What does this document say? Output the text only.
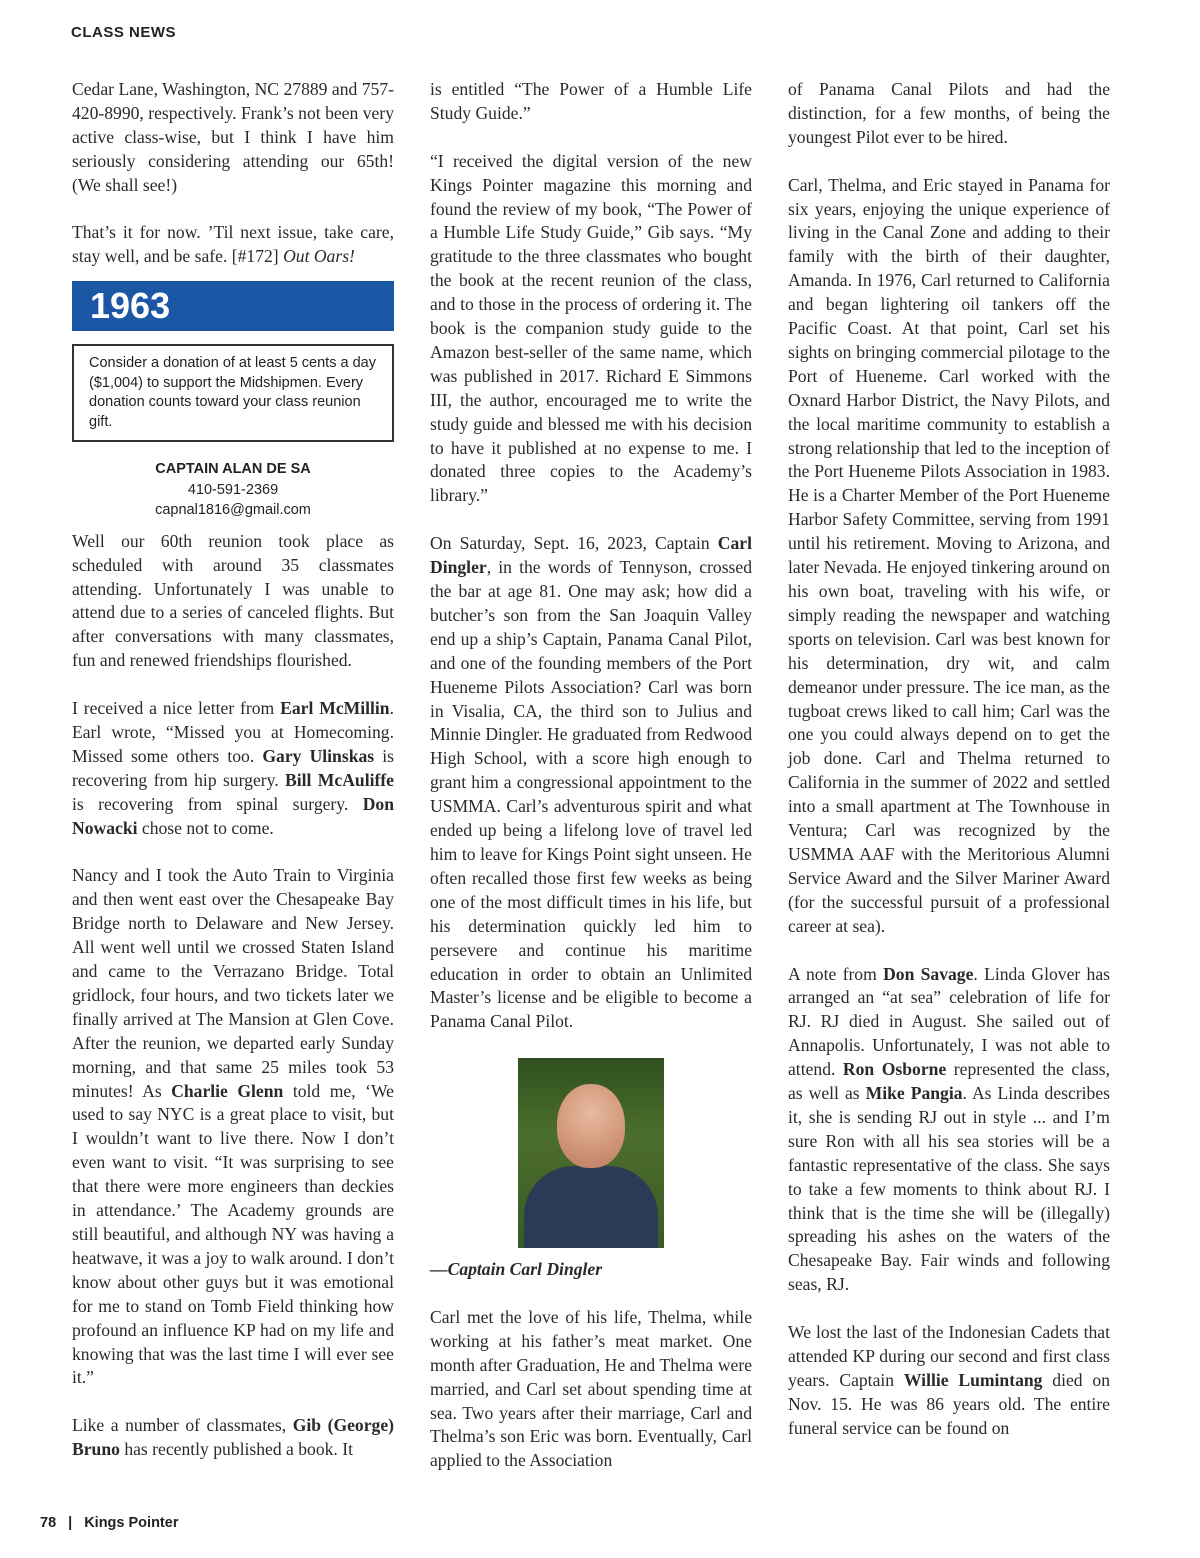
CLASS NEWS

Cedar Lane, Washington, NC 27889 and 757-420-8990, respectively. Frank’s not been very active class-wise, but I think I have him seriously considering attending our 65th! (We shall see!)

That’s it for now. ’Til next issue, take care, stay well, and be safe. [#172] Out Oars!

1963
Consider a donation of at least 5 cents a day ($1,004) to support the Midshipmen. Every donation counts toward your class reunion gift.
CAPTAIN ALAN DE SA
410-591-2369
capnal1816@gmail.com

Well our 60th reunion took place as scheduled with around 35 classmates attending. Unfortunately I was unable to attend due to a series of canceled flights. But after conversations with many classmates, fun and renewed friendships flourished.

I received a nice letter from Earl McMillin. Earl wrote, “Missed you at Homecoming. Missed some others too. Gary Ulinskas is recovering from hip surgery. Bill McAuliffe is recovering from spinal surgery. Don Nowacki chose not to come.

Nancy and I took the Auto Train to Virginia and then went east over the Chesapeake Bay Bridge north to Delaware and New Jersey. All went well until we crossed Staten Island and came to the Verrazano Bridge. Total gridlock, four hours, and two tickets later we finally arrived at The Mansion at Glen Cove. After the reunion, we departed early Sunday morning, and that same 25 miles took 53 minutes! As Charlie Glenn told me, ‘We used to say NYC is a great place to visit, but I wouldn’t want to live there. Now I don’t even want to visit. “It was surprising to see that there were more engineers than deckies in attendance.’ The Academy grounds are still beautiful, and although NY was having a heatwave, it was a joy to walk around. I don’t know about other guys but it was emotional for me to stand on Tomb Field thinking how profound an influence KP had on my life and knowing that was the last time I will ever see it.”

Like a number of classmates, Gib (George) Bruno has recently published a book. It

is entitled “The Power of a Humble Life Study Guide.”

“I received the digital version of the new Kings Pointer magazine this morning and found the review of my book, “The Power of a Humble Life Study Guide,” Gib says. “My gratitude to the three classmates who bought the book at the recent reunion of the class, and to those in the process of ordering it. The book is the companion study guide to the Amazon best-seller of the same name, which was published in 2017. Richard E Simmons III, the author, encouraged me to write the study guide and blessed me with his decision to have it published at no expense to me. I donated three copies to the Academy’s library.”

On Saturday, Sept. 16, 2023, Captain Carl Dingler, in the words of Tennyson, crossed the bar at age 81. One may ask; how did a butcher’s son from the San Joaquin Valley end up a ship’s Captain, Panama Canal Pilot, and one of the founding members of the Port Hueneme Pilots Association? Carl was born in Visalia, CA, the third son to Julius and Minnie Dingler. He graduated from Redwood High School, with a score high enough to grant him a congressional appointment to the USMMA. Carl’s adventurous spirit and what ended up being a lifelong love of travel led him to leave for Kings Point sight unseen. He often recalled those first few weeks as being one of the most difficult times in his life, but his determination quickly led him to persevere and continue his maritime education in order to obtain an Unlimited Master’s license and be eligible to become a Panama Canal Pilot.

—Captain Carl Dingler

Carl met the love of his life, Thelma, while working at his father’s meat market. One month after Graduation, He and Thelma were married, and Carl set about spending time at sea. Two years after their marriage, Carl and Thelma’s son Eric was born. Eventually, Carl applied to the Association

of Panama Canal Pilots and had the distinction, for a few months, of being the youngest Pilot ever to be hired.

Carl, Thelma, and Eric stayed in Panama for six years, enjoying the unique experience of living in the Canal Zone and adding to their family with the birth of their daughter, Amanda. In 1976, Carl returned to California and began lightering oil tankers off the Pacific Coast. At that point, Carl set his sights on bringing commercial pilotage to the Port of Hueneme. Carl worked with the Oxnard Harbor District, the Navy Pilots, and the local maritime community to establish a strong relationship that led to the inception of the Port Hueneme Pilots Association in 1983. He is a Charter Member of the Port Hueneme Harbor Safety Committee, serving from 1991 until his retirement. Moving to Arizona, and later Nevada. He enjoyed tinkering around on his own boat, traveling with his wife, or simply reading the newspaper and watching sports on television. Carl was best known for his determination, dry wit, and calm demeanor under pressure. The ice man, as the tugboat crews liked to call him; Carl was the one you could always depend on to get the job done. Carl and Thelma returned to California in the summer of 2022 and settled into a small apartment at The Townhouse in Ventura; Carl was recognized by the USMMA AAF with the Meritorious Alumni Service Award and the Silver Mariner Award (for the successful pursuit of a professional career at sea).

A note from Don Savage. Linda Glover has arranged an “at sea” celebration of life for RJ. RJ died in August. She sailed out of Annapolis. Unfortunately, I was not able to attend. Ron Osborne represented the class, as well as Mike Pangia. As Linda describes it, she is sending RJ out in style ... and I’m sure Ron with all his sea stories will be a fantastic representative of the class. She says to take a few moments to think about RJ. I think that is the time she will be (illegally) spreading his ashes on the waters of the Chesapeake Bay. Fair winds and following seas, RJ.

We lost the last of the Indonesian Cadets that attended KP during our second and first class years. Captain Willie Lumintang died on Nov. 15. He was 86 years old. The entire funeral service can be found on

78 | Kings Pointer
